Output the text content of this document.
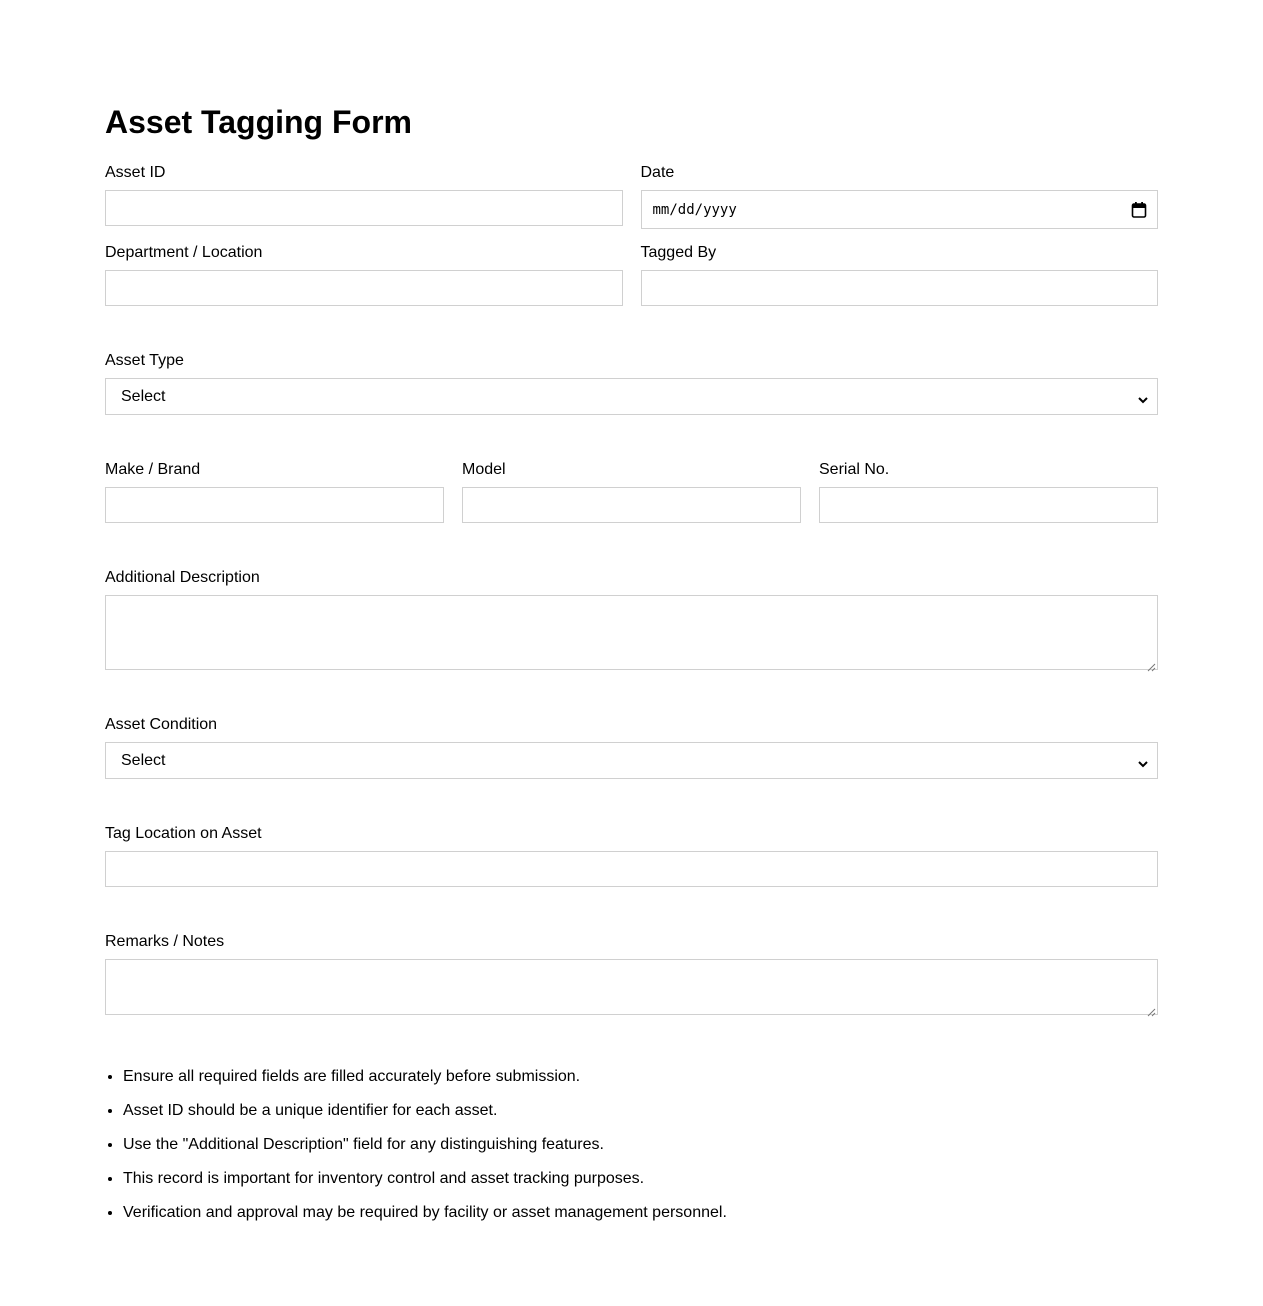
Asset Tagging Form
Asset ID	Date
mm/dd/yyyy
Department / Location	Tagged By
Asset Type
Select
Make / Brand	Model	Serial No.
Additional Description
Asset Condition
Select
Tag Location on Asset
Remarks / Notes
• Ensure all required fields are filled accurately before submission.
• Asset ID should be a unique identifier for each asset.
• Use the "Additional Description" field for any distinguishing features.
• This record is important for inventory control and asset tracking purposes.
• Verification and approval may be required by facility or asset management personnel.
